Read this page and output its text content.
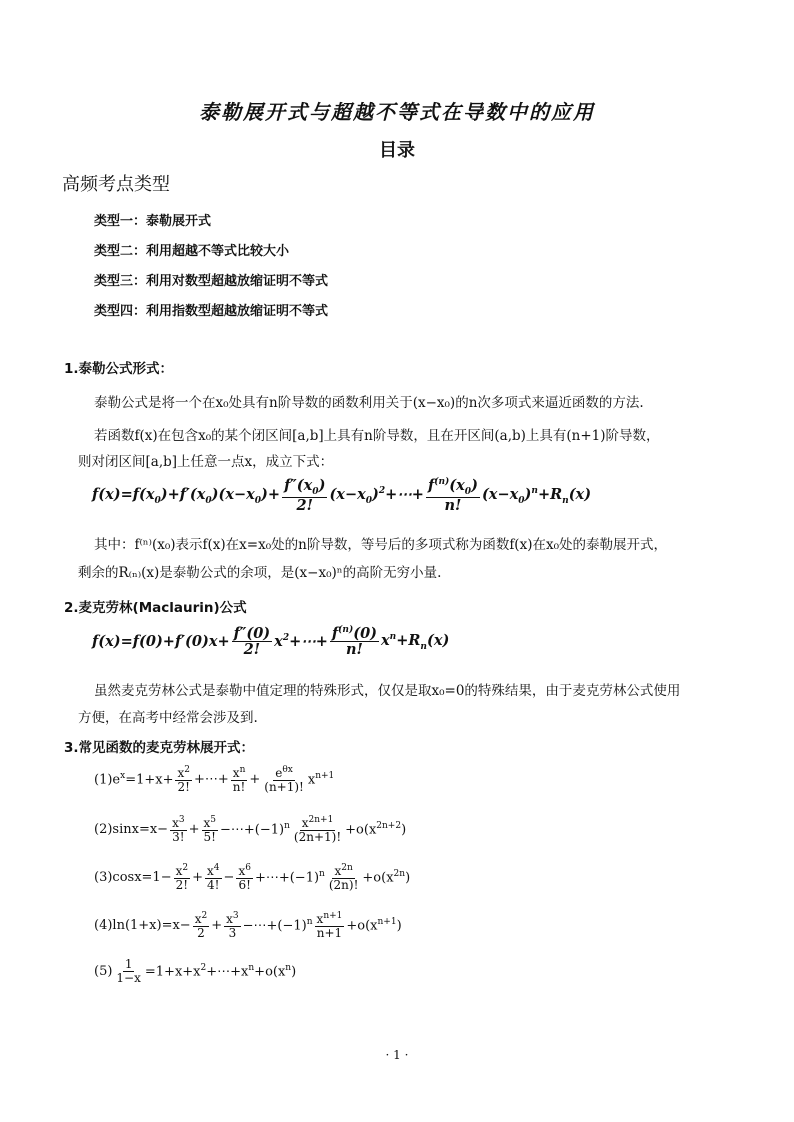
泰勒展开式与超越不等式在导数中的应用
目录
高频考点类型
类型一：泰勒展开式
类型二：利用超越不等式比较大小
类型三：利用对数型超越放缩证明不等式
类型四：利用指数型超越放缩证明不等式
1.泰勒公式形式：
泰勒公式是将一个在x₀处具有n阶导数的函数利用关于(x−x₀)的n次多项式来逼近函数的方法.
若函数f(x)在包含x₀的某个闭区间[a,b]上具有n阶导数，且在开区间(a,b)上具有(n+1)阶导数，
则对闭区间[a,b]上任意一点x，成立下式：
$f(x)=f(x_0)+f'(x_0)(x-x_0)+ \frac{f''(x_0)}{2!}$ $(x-x_0)^2+\cdots+ \frac{f^{(n)}(x_0)}{n!} (x-x_0)^n+R_n(x)$
其中：f⁽ⁿ⁾(x₀)表示f(x)在x=x₀处的n阶导数，等号后的多项式称为函数f(x)在x₀处的泰勒展开式，
剩余的R₍ₙ₎(x)是泰勒公式的余项，是(x−x₀)ⁿ的高阶无穷小量.
2.麦克劳林(Maclaurin)公式
$f(x)=f(0)+f'(0)x+ \frac{f''(0)}{2!}$ $x^2+\cdots+ \frac{f^{(n)}(0)}{n!} x^n+R_n(x)$
虽然麦克劳林公式是泰勒中值定理的特殊形式，仅仅是取x₀=0的特殊结果，由于麦克劳林公式使用
方便，在高考中经常会涉及到.
3.常见函数的麦克劳林展开式：
$(1)e^x=1+x+ \frac{x^2}{2!}$ +⋯+ $\frac{x^n}{n!} + \frac{e^{\theta x}}{(n+1)!} x^{n+1}$
$(2)\sin x=x- \frac{x^3}{3!} + \frac{x^5}{5!}$ $-\cdots+(-1)^n \frac{x^{2n+1}}{(2n+1)!} +o(x^{2n+2})$
$(3)\cos x=1- \frac{x^2}{2!} + \frac{x^4}{4!} - \frac{x^6}{6!}$ $+\cdots+(-1)^n \frac{x^{2n}}{(2n)!} +o(x^{2n})$
$(4)\ln(1+x)=x- \frac{x^2}{2} + \frac{x^3}{3}$ $-\cdots+(-1)^n \frac{x^{n+1}}{n+1} +o(x^{n+1})$
$(5) \frac{1}{1-x}$ $=1+x+x^2+\cdots+x^n+o(x^n)$
· 1 ·
